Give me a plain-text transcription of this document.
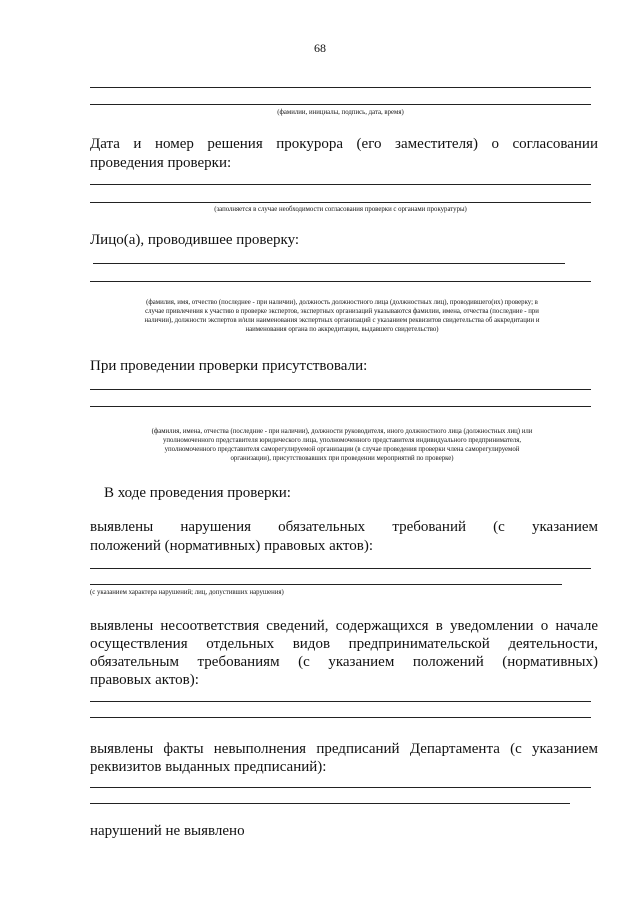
68
(фамилии, инициалы, подпись, дата, время)
Дата и номер решения прокурора (его заместителя) о согласовании
проведения проверки:
(заполняется в случае необходимости согласования проверки с органами прокуратуры)
Лицо(а), проводившее проверку:
(фамилия, имя, отчество (последнее - при наличии), должность должностного лица (должностных лиц), проводившего(их) проверку; в
случае привлечения к участию в проверке экспертов, экспертных организаций указываются фамилии, имена, отчества (последние - при
наличии), должности экспертов и/или наименования экспертных организаций с указанием реквизитов свидетельства об аккредитации и
наименования органа по аккредитации, выдавшего свидетельство)
При проведении проверки присутствовали:
(фамилия, имена, отчества (последние - при наличии), должности руководителя, иного должностного лица (должностных лиц) или
уполномоченного представителя юридического лица, уполномоченного представителя индивидуального предпринимателя,
уполномоченного представителя саморегулируемой организации (в случае проведения проверки члена саморегулируемой
организации), присутствовавших при проведении мероприятий по проверке)
В ходе проведения проверки:
выявлены нарушения обязательных требований (с указанием
положений (нормативных) правовых актов):
(с указанием характера нарушений; лиц, допустивших нарушения)
выявлены несоответствия сведений, содержащихся в уведомлении о начале
осуществления отдельных видов предпринимательской деятельности,
обязательным требованиям (с указанием положений (нормативных)
правовых актов):
выявлены факты невыполнения предписаний Департамента (с указанием
реквизитов выданных предписаний):
нарушений не выявлено
